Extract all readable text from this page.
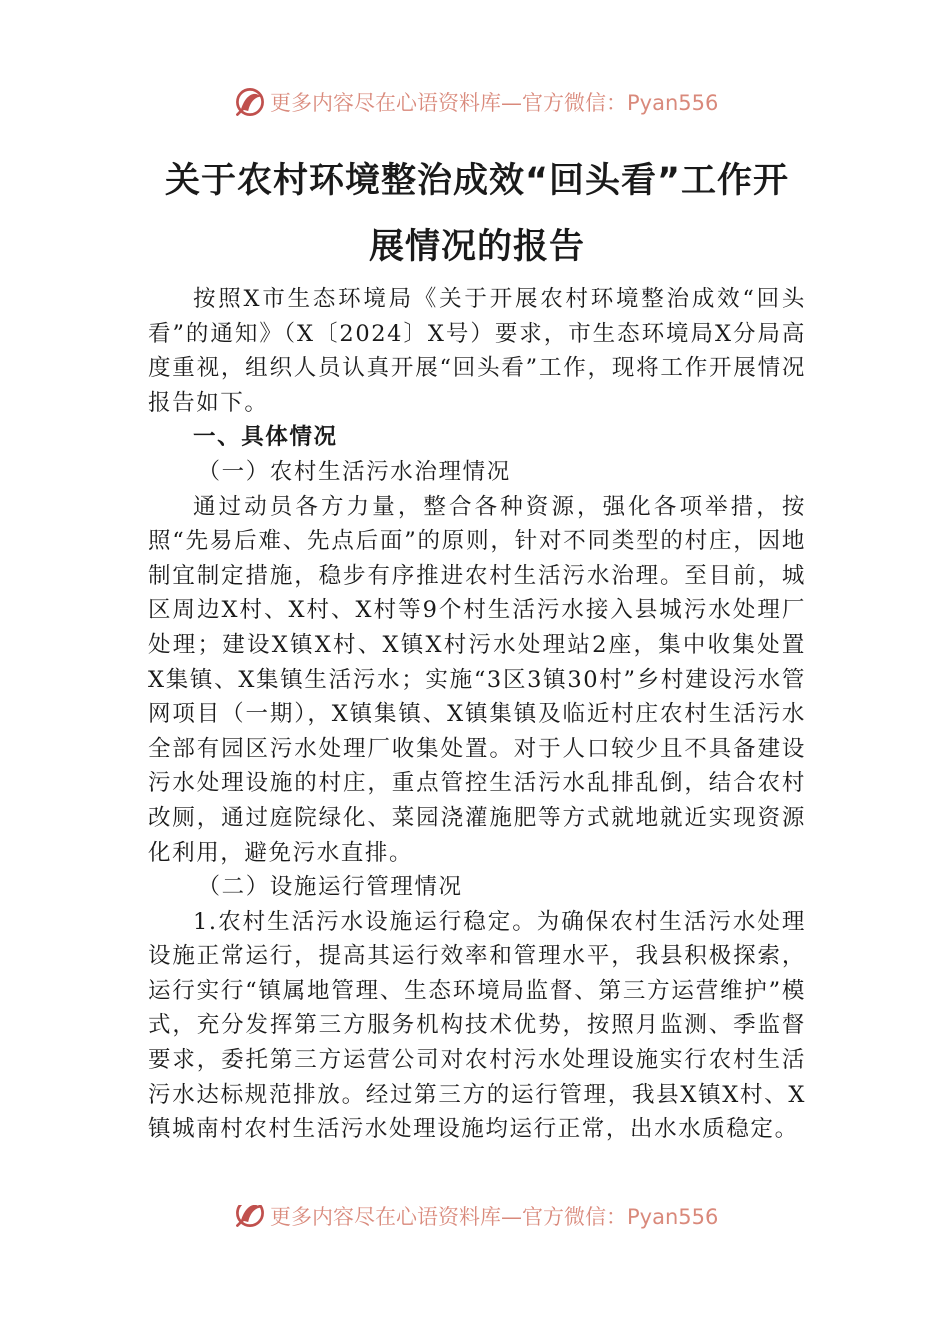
更多内容尽在心语资料库—官方微信：Pyan556
关于农村环境整治成效“回头看”工作开展情况的报告

按照X市生态环境局《关于开展农村环境整治成效“回头看”的通知》（X〔2024〕X号）要求，市生态环境局X分局高度重视，组织人员认真开展“回头看”工作，现将工作开展情况报告如下。

一、具体情况

（一）农村生活污水治理情况

通过动员各方力量，整合各种资源，强化各项举措，按照“先易后难、先点后面”的原则，针对不同类型的村庄，因地制宜制定措施，稳步有序推进农村生活污水治理。至目前，城区周边X村、X村、X村等9个村生活污水接入县城污水处理厂处理；建设X镇X村、X镇X村污水处理站2座，集中收集处置X集镇、X集镇生活污水；实施“3区3镇30村”乡村建设污水管网项目（一期），X镇集镇、X镇集镇及临近村庄农村生活污水全部有园区污水处理厂收集处置。对于人口较少且不具备建设污水处理设施的村庄，重点管控生活污水乱排乱倒，结合农村改厕，通过庭院绿化、菜园浇灌施肥等方式就地就近实现资源化利用，避免污水直排。

（二）设施运行管理情况

1.农村生活污水设施运行稳定。为确保农村生活污水处理设施正常运行，提高其运行效率和管理水平，我县积极探索，运行实行“镇属地管理、生态环境局监督、第三方运营维护”模式，充分发挥第三方服务机构技术优势，按照月监测、季监督要求，委托第三方运营公司对农村污水处理设施实行农村生活污水达标规范排放。经过第三方的运行管理，我县X镇X村、X镇城南村农村生活污水处理设施均运行正常，出水水质稳定。

更多内容尽在心语资料库—官方微信：Pyan556
